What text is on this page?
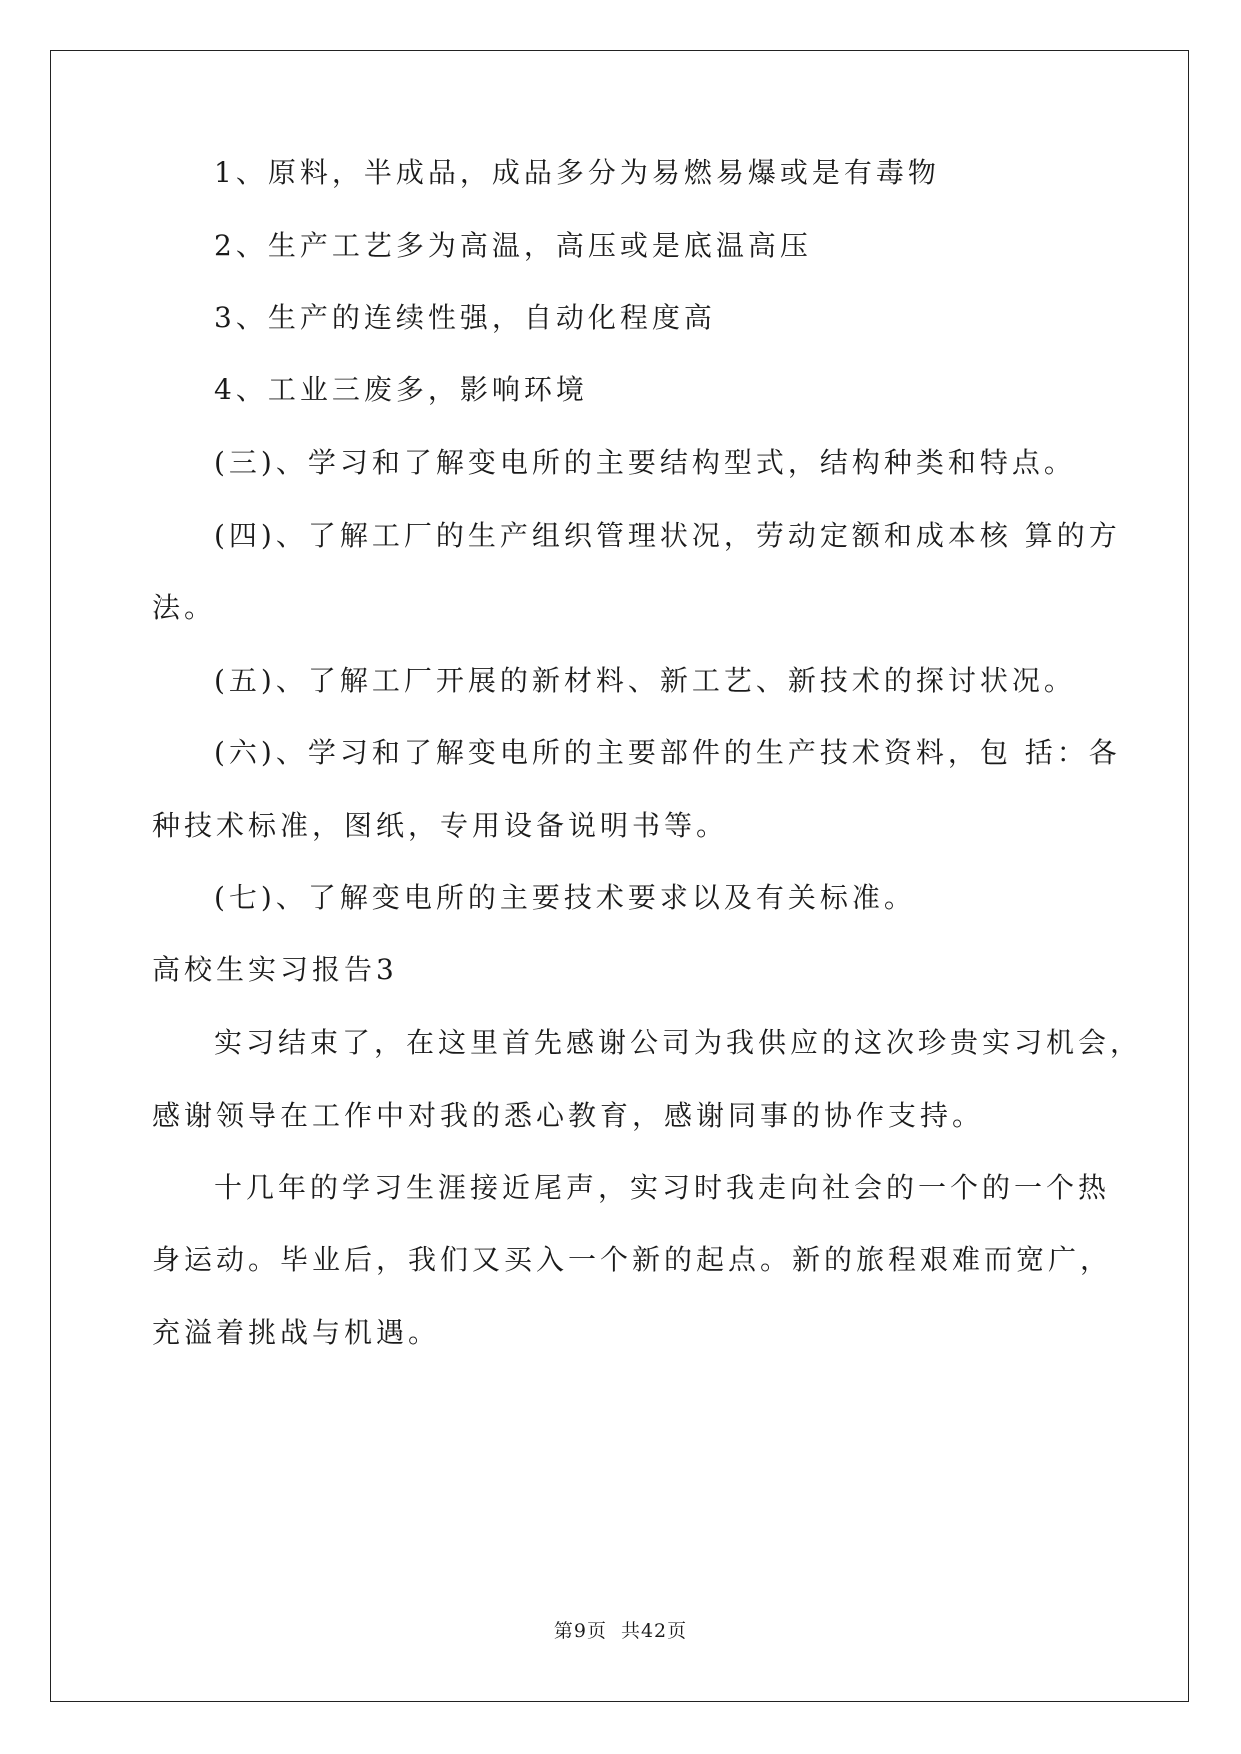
1、原料，半成品，成品多分为易燃易爆或是有毒物
2、生产工艺多为高温，高压或是底温高压
3、生产的连续性强，自动化程度高
4、工业三废多，影响环境
(三)、学习和了解变电所的主要结构型式，结构种类和特点。
(四)、了解工厂的生产组织管理状况，劳动定额和成本核 算的方
法。
(五)、了解工厂开展的新材料、新工艺、新技术的探讨状况。
(六)、学习和了解变电所的主要部件的生产技术资料，包 括：各
种技术标准，图纸，专用设备说明书等。
(七)、了解变电所的主要技术要求以及有关标准。
高校生实习报告3
实习结束了，在这里首先感谢公司为我供应的这次珍贵实习机会，
感谢领导在工作中对我的悉心教育，感谢同事的协作支持。
十几年的学习生涯接近尾声，实习时我走向社会的一个的一个热
身运动。毕业后，我们又买入一个新的起点。新的旅程艰难而宽广，
充溢着挑战与机遇。
第9页 共42页
